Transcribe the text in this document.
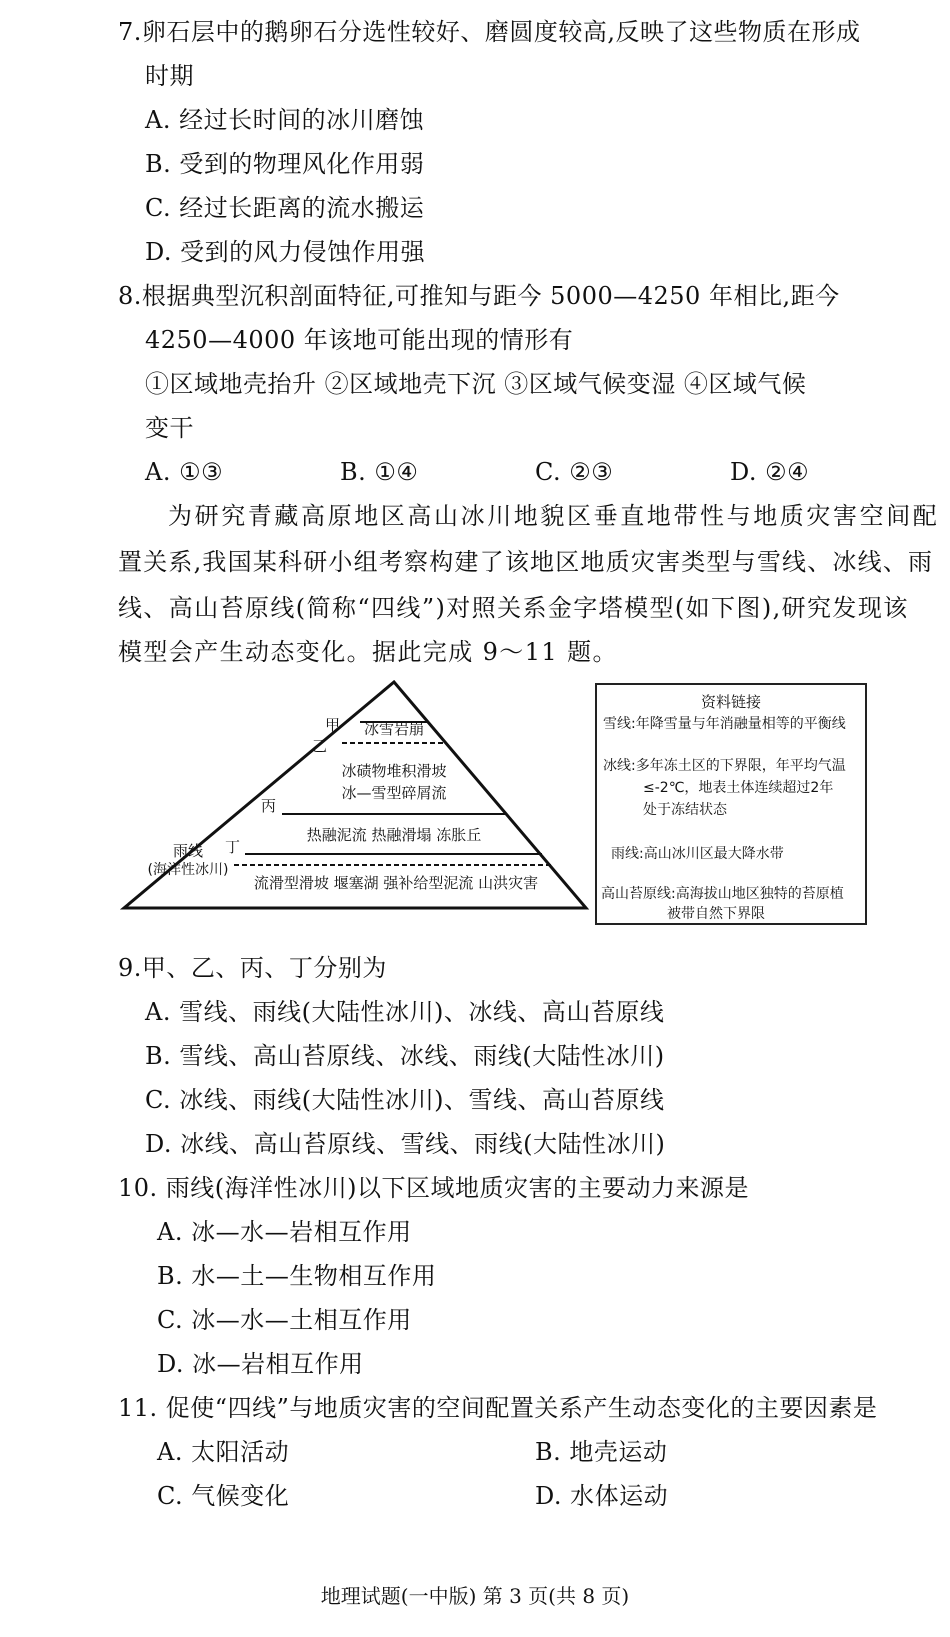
7.卵石层中的鹅卵石分选性较好、磨圆度较高,反映了这些物质在形成
时期
A. 经过长时间的冰川磨蚀
B. 受到的物理风化作用弱
C. 经过长距离的流水搬运
D. 受到的风力侵蚀作用强
8.根据典型沉积剖面特征,可推知与距今 5000—4250 年相比,距今
4250—4000 年该地可能出现的情形有
①区域地壳抬升 ②区域地壳下沉 ③区域气候变湿 ④区域气候
变干
A. ①③	B. ①④	C. ②③	D. ②④
为研究青藏高原地区高山冰川地貌区垂直地带性与地质灾害空间配
置关系,我国某科研小组考察构建了该地区地质灾害类型与雪线、冰线、雨
线、高山苔原线(简称“四线”)对照关系金字塔模型(如下图),研究发现该
模型会产生动态变化。据此完成 9～11 题。
冰雪岩崩
冰碛物堆积滑坡
冰—雪型碎屑流
热融泥流 热融滑塌 冻胀丘
流滑型滑坡 堰塞湖 强补给型泥流 山洪灾害
甲
乙
丙
丁
雨线
(海洋性冰川)
资料链接
雪线:年降雪量与年消融量相等的平衡线
冰线:多年冻土区的下界限，年平均气温
≤-2℃，地表土体连续超过2年
处于冻结状态
雨线:高山冰川区最大降水带
高山苔原线:高海拔山地区独特的苔原植
被带自然下界限
9.甲、乙、丙、丁分别为
A. 雪线、雨线(大陆性冰川)、冰线、高山苔原线
B. 雪线、高山苔原线、冰线、雨线(大陆性冰川)
C. 冰线、雨线(大陆性冰川)、雪线、高山苔原线
D. 冰线、高山苔原线、雪线、雨线(大陆性冰川)
10. 雨线(海洋性冰川)以下区域地质灾害的主要动力来源是
A. 冰—水—岩相互作用
B. 水—土—生物相互作用
C. 冰—水—土相互作用
D. 冰—岩相互作用
11. 促使“四线”与地质灾害的空间配置关系产生动态变化的主要因素是
A. 太阳活动	B. 地壳运动
C. 气候变化	D. 水体运动
地理试题(一中版) 第 3 页(共 8 页)
